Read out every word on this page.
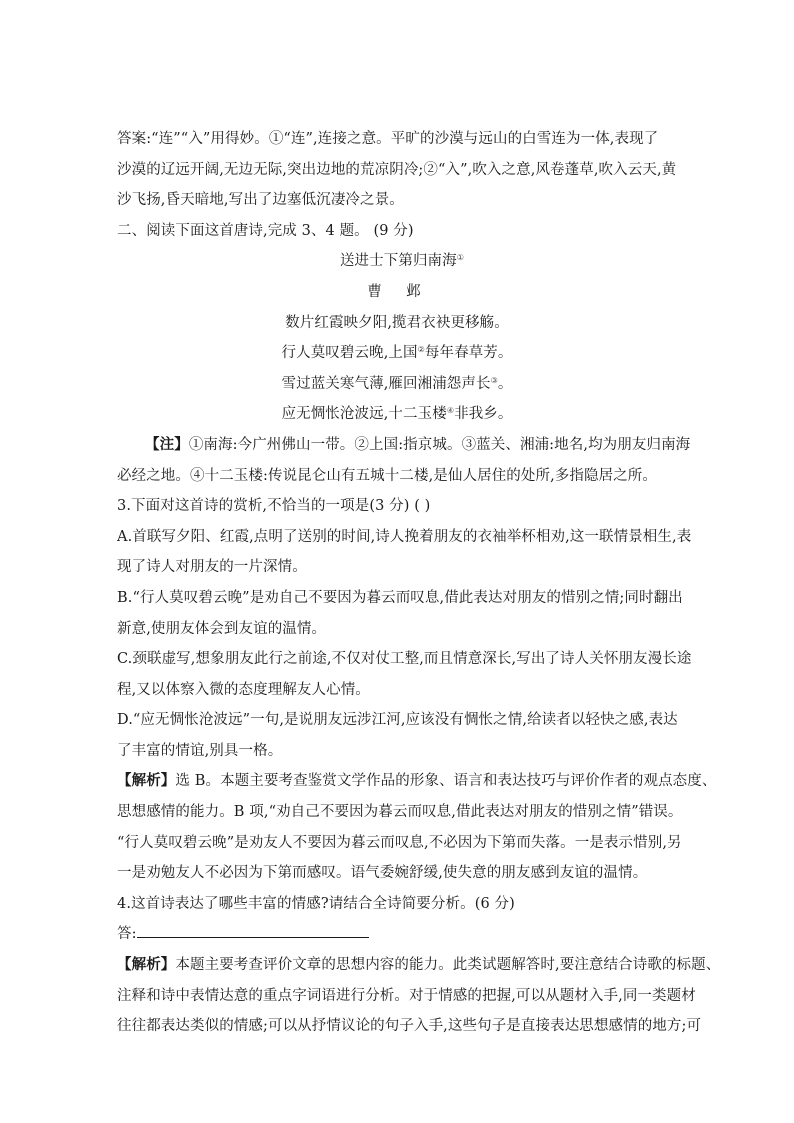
答案:“连”“入”用得妙。①“连”,连接之意。平旷的沙漠与远山的白雪连为一体,表现了
沙漠的辽远开阔,无边无际,突出边地的荒凉阴冷;②“入”,吹入之意,风卷蓬草,吹入云天,黄
沙飞扬,昏天暗地,写出了边塞低沉凄冷之景。
二、阅读下面这首唐诗,完成 3、4 题。 (9 分)
送进士下第归南海①
曹 邺
数片红霞映夕阳,揽君衣袂更移觞。
行人莫叹碧云晚,上国②每年春草芳。
雪过蓝关寒气薄,雁回湘浦怨声长③。
应无惆怅沧波远,十二玉楼④非我乡。
【注】①南海:今广州佛山一带。②上国:指京城。③蓝关、湘浦:地名,均为朋友归南海
必经之地。④十二玉楼:传说昆仑山有五城十二楼,是仙人居住的处所,多指隐居之所。
3.下面对这首诗的赏析,不恰当的一项是(3 分) ( )
A.首联写夕阳、红霞,点明了送别的时间,诗人挽着朋友的衣袖举杯相劝,这一联情景相生,表
现了诗人对朋友的一片深情。
B.“行人莫叹碧云晚”是劝自己不要因为暮云而叹息,借此表达对朋友的惜别之情;同时翻出
新意,使朋友体会到友谊的温情。
C.颈联虚写,想象朋友此行之前途,不仅对仗工整,而且情意深长,写出了诗人关怀朋友漫长途
程,又以体察入微的态度理解友人心情。
D.“应无惆怅沧波远”一句,是说朋友远涉江河,应该没有惆怅之情,给读者以轻快之感,表达
了丰富的情谊,别具一格。
【解析】选 B。本题主要考查鉴赏文学作品的形象、语言和表达技巧与评价作者的观点态度、
思想感情的能力。B 项,“劝自己不要因为暮云而叹息,借此表达对朋友的惜别之情”错误。
“行人莫叹碧云晚”是劝友人不要因为暮云而叹息,不必因为下第而失落。一是表示惜别,另
一是劝勉友人不必因为下第而感叹。语气委婉舒缓,使失意的朋友感到友谊的温情。
4.这首诗表达了哪些丰富的情感?请结合全诗简要分析。(6 分)
答:
【解析】本题主要考查评价文章的思想内容的能力。此类试题解答时,要注意结合诗歌的标题、
注释和诗中表情达意的重点字词语进行分析。对于情感的把握,可以从题材入手,同一类题材
往往都表达类似的情感;可以从抒情议论的句子入手,这些句子是直接表达思想感情的地方;可
